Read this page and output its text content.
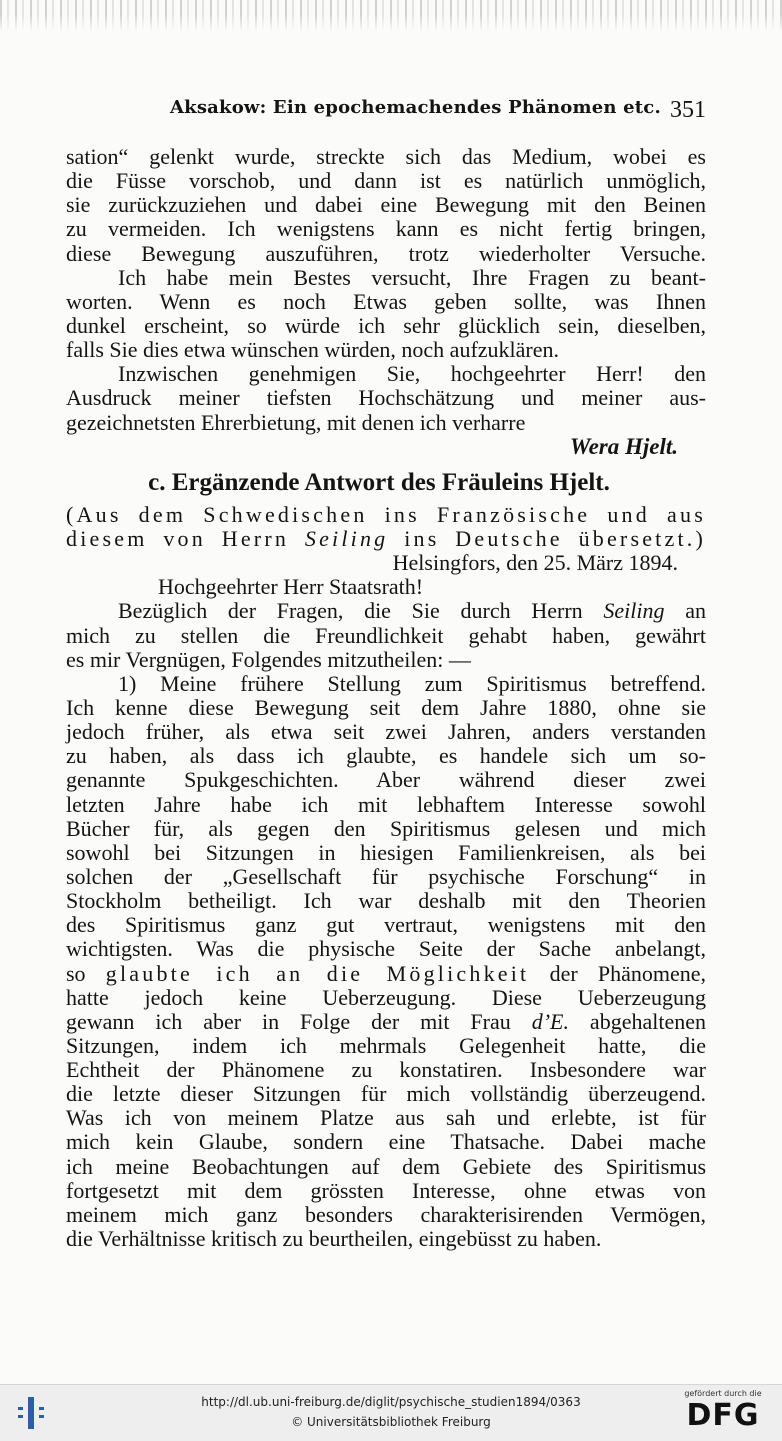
Aksakow: Ein epochemachendes Phänomen etc. 351
sation“ gelenkt wurde, streckte sich das Medium, wobei es
die Füsse vorschob, und dann ist es natürlich unmöglich,
sie zurückzuziehen und dabei eine Bewegung mit den Beinen
zu vermeiden. Ich wenigstens kann es nicht fertig bringen,
diese Bewegung auszuführen, trotz wiederholter Versuche.
Ich habe mein Bestes versucht, Ihre Fragen zu beant-
worten. Wenn es noch Etwas geben sollte, was Ihnen
dunkel erscheint, so würde ich sehr glücklich sein, dieselben,
falls Sie dies etwa wünschen würden, noch aufzuklären.
Inzwischen genehmigen Sie, hochgeehrter Herr! den
Ausdruck meiner tiefsten Hochschätzung und meiner aus-
gezeichnetsten Ehrerbietung, mit denen ich verharre
Wera Hjelt.
c. Ergänzende Antwort des Fräuleins Hjelt.
(Aus dem Schwedischen ins Französische und aus
diesem von Herrn Seiling ins Deutsche übersetzt.)
Helsingfors, den 25. März 1894.
Hochgeehrter Herr Staatsrath!
Bezüglich der Fragen, die Sie durch Herrn Seiling an
mich zu stellen die Freundlichkeit gehabt haben, gewährt
es mir Vergnügen, Folgendes mitzutheilen: —
1) Meine frühere Stellung zum Spiritismus betreffend.
Ich kenne diese Bewegung seit dem Jahre 1880, ohne sie
jedoch früher, als etwa seit zwei Jahren, anders verstanden
zu haben, als dass ich glaubte, es handele sich um so-
genannte Spukgeschichten. Aber während dieser zwei
letzten Jahre habe ich mit lebhaftem Interesse sowohl
Bücher für, als gegen den Spiritismus gelesen und mich
sowohl bei Sitzungen in hiesigen Familienkreisen, als bei
solchen der „Gesellschaft für psychische Forschung“ in
Stockholm betheiligt. Ich war deshalb mit den Theorien
des Spiritismus ganz gut vertraut, wenigstens mit den
wichtigsten. Was die physische Seite der Sache anbelangt,
so glaubte ich an die Möglichkeit der Phänomene,
hatte jedoch keine Ueberzeugung. Diese Ueberzeugung
gewann ich aber in Folge der mit Frau d’E. abgehaltenen
Sitzungen, indem ich mehrmals Gelegenheit hatte, die
Echtheit der Phänomene zu konstatiren. Insbesondere war
die letzte dieser Sitzungen für mich vollständig überzeugend.
Was ich von meinem Platze aus sah und erlebte, ist für
mich kein Glaube, sondern eine Thatsache. Dabei mache
ich meine Beobachtungen auf dem Gebiete des Spiritismus
fortgesetzt mit dem grössten Interesse, ohne etwas von
meinem mich ganz besonders charakterisirenden Vermögen,
die Verhältnisse kritisch zu beurtheilen, eingebüsst zu haben.
http://dl.ub.uni-freiburg.de/diglit/psychische_studien1894/0363
© Universitätsbibliothek Freiburg
gefördert durch die
DFG
